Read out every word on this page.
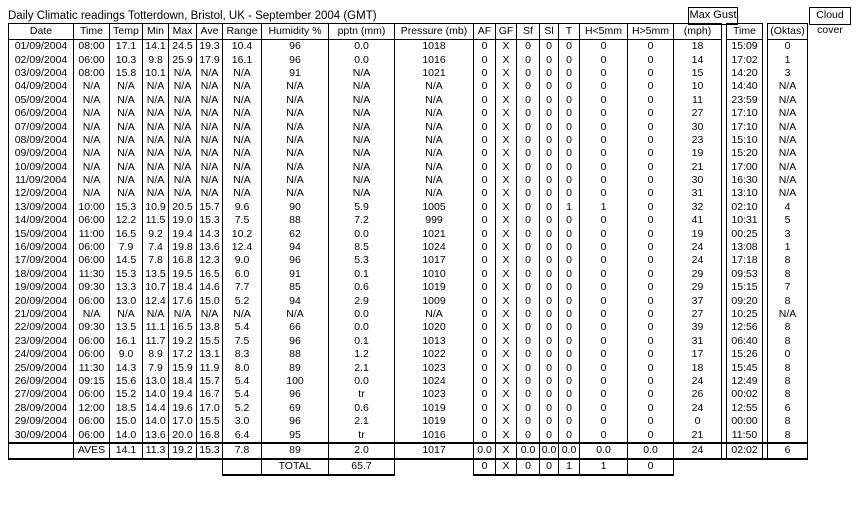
Daily Climatic readings Totterdown, Bristol, UK - September 2004 (GMT)	Max Gust	Cloud cover
Date	Time	Temp	Min	Max	Ave	Range	Humidity %	pptn (mm)	Pressure (mb)	AF	GF	Sf	Sl	T	H<5mm	H>5mm	(mph)		Time		(Oktas)
01/09/2004	08:00	17.1	14.1	24.5	19.3	10.4	96	0.0	1018	0	X	0	0	0	0	0	18		15:09		0
02/09/2004	06:00	10.3	9.8	25.9	17.9	16.1	96	0.0	1016	0	X	0	0	0	0	0	14		17:02		1
03/09/2004	08:00	15.8	10.1	N/A	N/A	N/A	91	N/A	1021	0	X	0	0	0	0	0	15		14:20		3
04/09/2004	N/A	N/A	N/A	N/A	N/A	N/A	N/A	N/A	N/A	0	X	0	0	0	0	0	10		14:40		N/A
05/09/2004	N/A	N/A	N/A	N/A	N/A	N/A	N/A	N/A	N/A	0	X	0	0	0	0	0	11		23:59		N/A
06/09/2004	N/A	N/A	N/A	N/A	N/A	N/A	N/A	N/A	N/A	0	X	0	0	0	0	0	27		17:10		N/A
07/09/2004	N/A	N/A	N/A	N/A	N/A	N/A	N/A	N/A	N/A	0	X	0	0	0	0	0	30		17:10		N/A
08/09/2004	N/A	N/A	N/A	N/A	N/A	N/A	N/A	N/A	N/A	0	X	0	0	0	0	0	23		15:10		N/A
09/09/2004	N/A	N/A	N/A	N/A	N/A	N/A	N/A	N/A	N/A	0	X	0	0	0	0	0	19		15:20		N/A
10/09/2004	N/A	N/A	N/A	N/A	N/A	N/A	N/A	N/A	N/A	0	X	0	0	0	0	0	21		17:00		N/A
11/09/2004	N/A	N/A	N/A	N/A	N/A	N/A	N/A	N/A	N/A	0	X	0	0	0	0	0	30		16:30		N/A
12/09/2004	N/A	N/A	N/A	N/A	N/A	N/A	N/A	N/A	N/A	0	X	0	0	0	0	0	31		13:10		N/A
13/09/2004	10:00	15.3	10.9	20.5	15.7	9.6	90	5.9	1005	0	X	0	0	1	1	0	32		02:10		4
14/09/2004	06:00	12.2	11.5	19.0	15.3	7.5	88	7.2	999	0	X	0	0	0	0	0	41		10:31		5
15/09/2004	11:00	16.5	9.2	19.4	14.3	10.2	62	0.0	1021	0	X	0	0	0	0	0	19		00:25		3
16/09/2004	06:00	7.9	7.4	19.8	13.6	12.4	94	8.5	1024	0	X	0	0	0	0	0	24		13:08		1
17/09/2004	06:00	14.5	7.8	16.8	12.3	9.0	96	5.3	1017	0	X	0	0	0	0	0	24		17:18		8
18/09/2004	11:30	15.3	13.5	19.5	16.5	6.0	91	0.1	1010	0	X	0	0	0	0	0	29		09:53		8
19/09/2004	09:30	13.3	10.7	18.4	14.6	7.7	85	0.6	1019	0	X	0	0	0	0	0	29		15:15		7
20/09/2004	06:00	13.0	12.4	17.6	15.0	5.2	94	2.9	1009	0	X	0	0	0	0	0	37		09:20		8
21/09/2004	N/A	N/A	N/A	N/A	N/A	N/A	N/A	0.0	N/A	0	X	0	0	0	0	0	27		10:25		N/A
22/09/2004	09:30	13.5	11.1	16.5	13.8	5.4	66	0.0	1020	0	X	0	0	0	0	0	39		12:56		8
23/09/2004	06:00	16.1	11.7	19.2	15.5	7.5	96	0.1	1013	0	X	0	0	0	0	0	31		06:40		8
24/09/2004	06:00	9.0	8.9	17.2	13.1	8.3	88	1.2	1022	0	X	0	0	0	0	0	17		15:26		0
25/09/2004	11:30	14.3	7.9	15.9	11.9	8.0	89	2.1	1023	0	X	0	0	0	0	0	18		15:45		8
26/09/2004	09:15	15.6	13.0	18.4	15.7	5.4	100	0.0	1024	0	X	0	0	0	0	0	24		12:49		8
27/09/2004	06:00	15.2	14.0	19.4	16.7	5.4	96	tr	1023	0	X	0	0	0	0	0	26		00:02		8
28/09/2004	12:00	18.5	14.4	19.6	17.0	5.2	69	0.6	1019	0	X	0	0	0	0	0	24		12:55		6
29/09/2004	06:00	15.0	14.0	17.0	15.5	3.0	96	2.1	1019	0	X	0	0	0	0	0	0		00:00		8
30/09/2004	06:00	14.0	13.6	20.0	16.8	6.4	95	tr	1016	0	X	0	0	0	0	0	21		11:50		8
	AVES	14.1	11.3	19.2	15.3	7.8	89	2.0	1017	0.0	X	0.0	0.0	0.0	0.0	0.0	24		02:02		6
							TOTAL	65.7		0	X	0	0	1	1	0					
